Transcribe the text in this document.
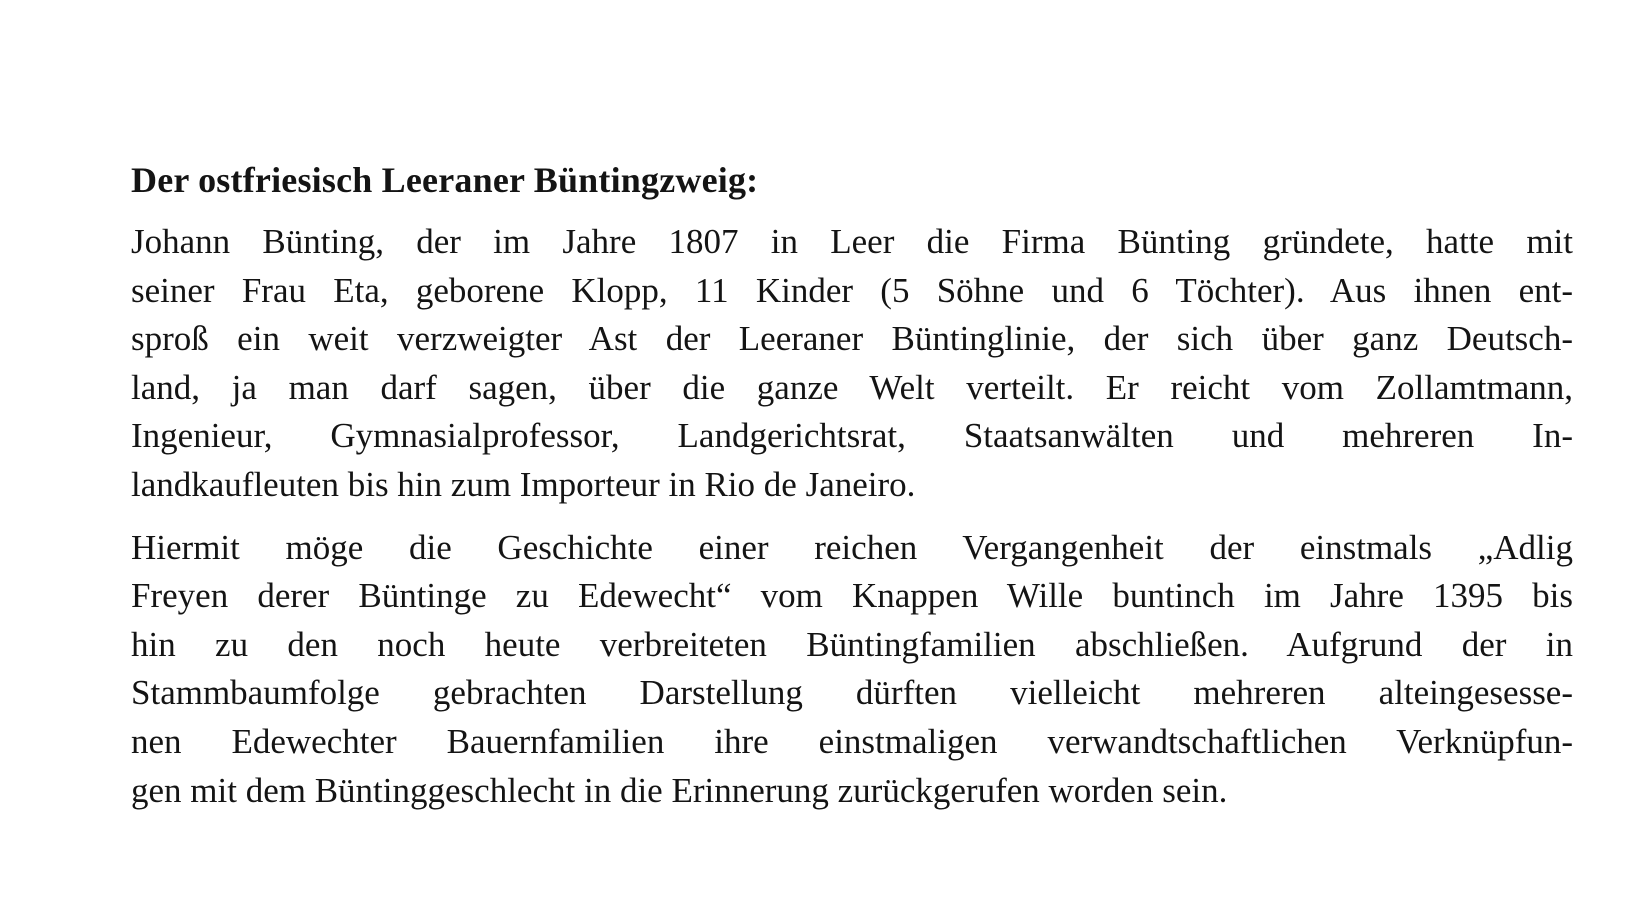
Der ostfriesisch Leeraner Büntingzweig:

Johann Bünting, der im Jahre 1807 in Leer die Firma Bünting gründete, hatte mit
seiner Frau Eta, geborene Klopp, 11 Kinder (5 Söhne und 6 Töchter). Aus ihnen ent-
sproß ein weit verzweigter Ast der Leeraner Büntinglinie, der sich über ganz Deutsch-
land, ja man darf sagen, über die ganze Welt verteilt. Er reicht vom Zollamtmann,
Ingenieur, Gymnasialprofessor, Landgerichtsrat, Staatsanwälten und mehreren In-
landkaufleuten bis hin zum Importeur in Rio de Janeiro.

Hiermit möge die Geschichte einer reichen Vergangenheit der einstmals „Adlig
Freyen derer Büntinge zu Edewecht“ vom Knappen Wille buntinch im Jahre 1395 bis
hin zu den noch heute verbreiteten Büntingfamilien abschließen. Aufgrund der in
Stammbaumfolge gebrachten Darstellung dürften vielleicht mehreren alteingesesse-
nen Edewechter Bauernfamilien ihre einstmaligen verwandtschaftlichen Verknüpfun-
gen mit dem Büntinggeschlecht in die Erinnerung zurückgerufen worden sein.
